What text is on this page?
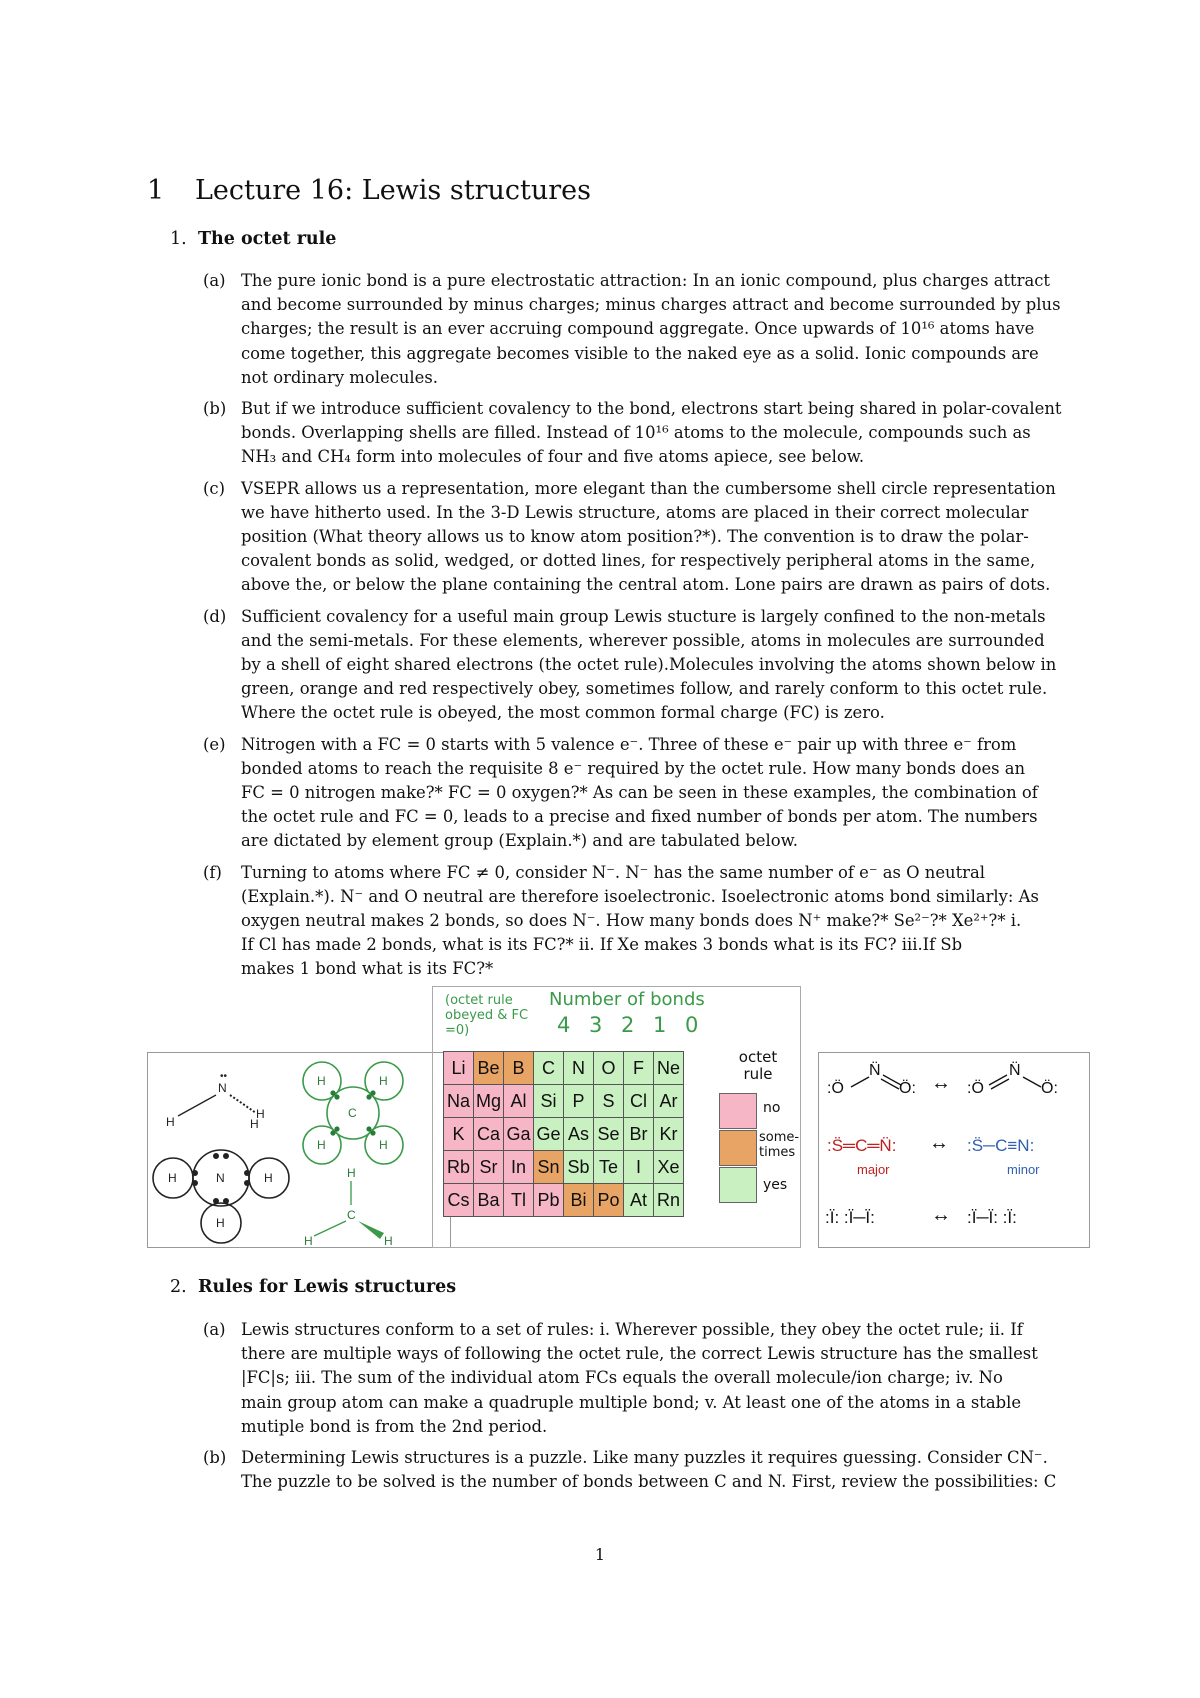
1 Lecture 16: Lewis structures
1. The octet rule
(a) The pure ionic bond is a pure electrostatic attraction: In an ionic compound, plus charges attract
and become surrounded by minus charges; minus charges attract and become surrounded by plus
charges; the result is an ever accruing compound aggregate. Once upwards of 10¹⁶ atoms have
come together, this aggregate becomes visible to the naked eye as a solid. Ionic compounds are
not ordinary molecules.
(b) But if we introduce sufficient covalency to the bond, electrons start being shared in polar-covalent
bonds. Overlapping shells are filled. Instead of 10¹⁶ atoms to the molecule, compounds such as
NH₃ and CH₄ form into molecules of four and five atoms apiece, see below.
(c) VSEPR allows us a representation, more elegant than the cumbersome shell circle representation
we have hitherto used. In the 3-D Lewis structure, atoms are placed in their correct molecular
position (What theory allows us to know atom position?*). The convention is to draw the polar-
covalent bonds as solid, wedged, or dotted lines, for respectively peripheral atoms in the same,
above the, or below the plane containing the central atom. Lone pairs are drawn as pairs of dots.
(d) Sufficient covalency for a useful main group Lewis stucture is largely confined to the non-metals
and the semi-metals. For these elements, wherever possible, atoms in molecules are surrounded
by a shell of eight shared electrons (the octet rule).Molecules involving the atoms shown below in
green, orange and red respectively obey, sometimes follow, and rarely conform to this octet rule.
Where the octet rule is obeyed, the most common formal charge (FC) is zero.
(e) Nitrogen with a FC = 0 starts with 5 valence e⁻. Three of these e⁻ pair up with three e⁻ from
bonded atoms to reach the requisite 8 e⁻ required by the octet rule. How many bonds does an
FC = 0 nitrogen make?* FC = 0 oxygen?* As can be seen in these examples, the combination of
the octet rule and FC = 0, leads to a precise and fixed number of bonds per atom. The numbers
are dictated by element group (Explain.*) and are tabulated below.
(f) Turning to atoms where FC ≠ 0, consider N⁻. N⁻ has the same number of e⁻ as O neutral
(Explain.*). N⁻ and O neutral are therefore isoelectronic. Isoelectronic atoms bond similarly: As
oxygen neutral makes 2 bonds, so does N⁻. How many bonds does N⁺ make?* Se²⁻?* Xe²⁺?* i.
If Cl has made 2 bonds, what is its FC?* ii. If Xe makes 3 bonds what is its FC? iii.If Sb
makes 1 bond what is its FC?*
N
••
H	H
H
N
H	H
H
H	H
C
H	H
H
C
H	H
(octet rule obeyed & FC =0)
Number of bonds
4 3 2 1 0
Li	Be	B	C	N	O	F	Ne
Na	Mg	Al	Si	P	S	Cl	Ar
K	Ca	Ga	Ge	As	Se	Br	Kr
Rb	Sr	In	Sn	Sb	Te	I	Xe
Cs	Ba	Tl	Pb	Bi	Po	At	Rn
octet rule
no
some-times
yes
:Ö
N̈
Ö: ↔ :Ö
N̈
Ö:
:S̈═C═N̈: ↔ :S̈─C≡N:
major	minor
:Ï: :Ï─Ï:	↔ :Ï─Ï: :Ï:
2. Rules for Lewis structures
(a) Lewis structures conform to a set of rules: i. Wherever possible, they obey the octet rule; ii. If
there are multiple ways of following the octet rule, the correct Lewis structure has the smallest
|FC|s; iii. The sum of the individual atom FCs equals the overall molecule/ion charge; iv. No
main group atom can make a quadruple multiple bond; v. At least one of the atoms in a stable
mutiple bond is from the 2nd period.
(b) Determining Lewis structures is a puzzle. Like many puzzles it requires guessing. Consider CN⁻.
The puzzle to be solved is the number of bonds between C and N. First, review the possibilities: C
1
